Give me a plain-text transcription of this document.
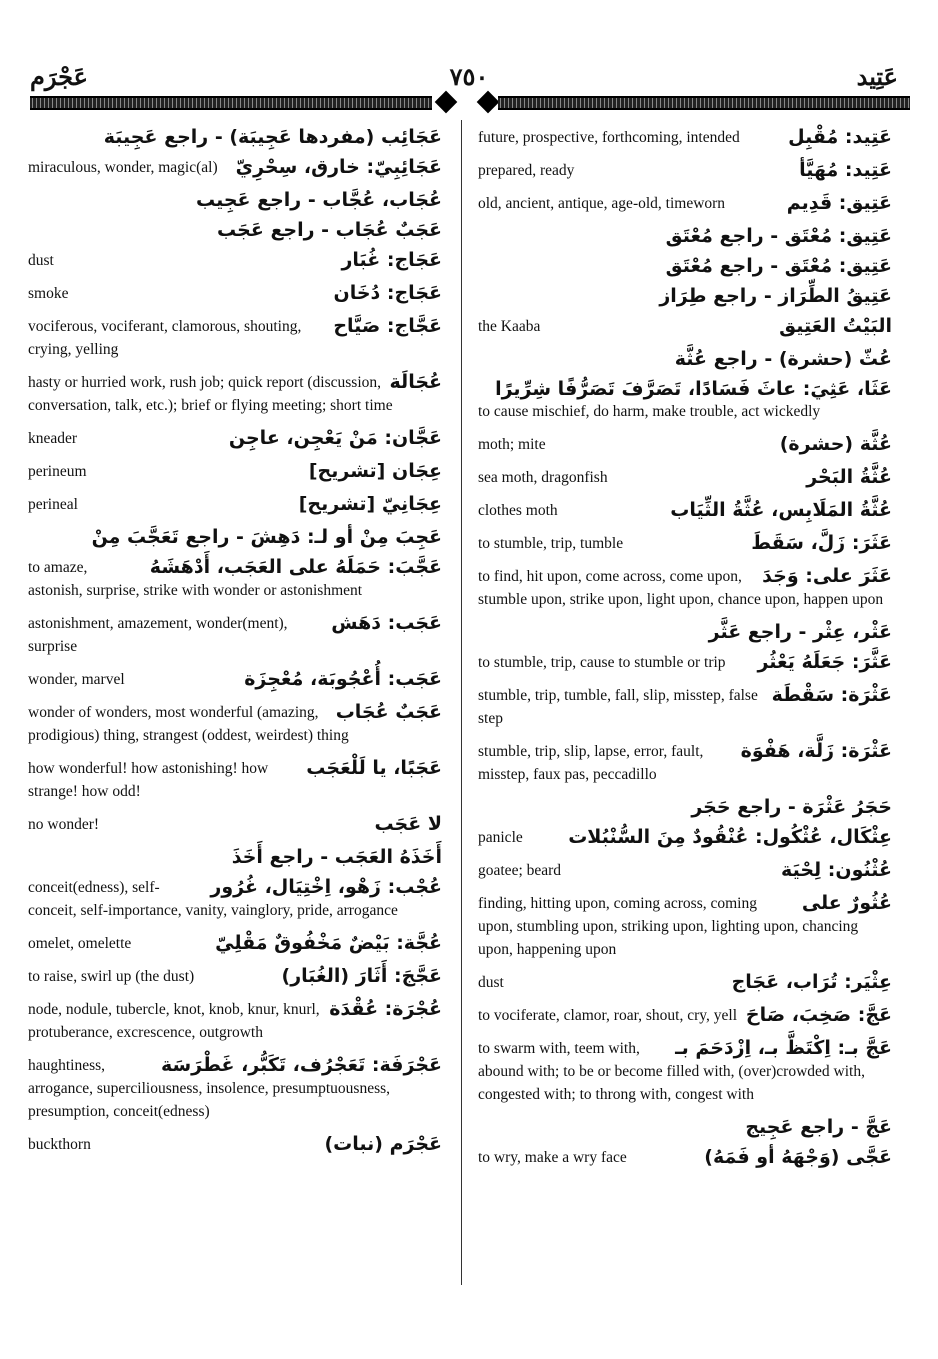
عَجْرَم	٧٥٠	عَتِيد
عَجَائِب (مفردها عَجِيبَة) - راجع عَجِيبَة
عَجَائِبِيّ: خارق، سِحْرِيّ
miraculous, wonder, magic(al)
عُجَاب، عُجَّاب - راجع عَجِيب
عَجَبٌ عُجَاب - راجع عَجَب
عَجَاج: غُبَار
dust
عَجَاج: دُخَان
smoke
عَجَّاج: صَيَّاح
vociferous, vociferant, clamorous, shouting, crying, yelling
عُجَالَة
hasty or hurried work, rush job; quick report (discussion, conversation, talk, etc.); brief or flying meeting; short time
عَجَّان: مَنْ يَعْجِن، عاجِن
kneader
عِجَان [تشريح]
perineum
عِجَانِيّ [تشريح]
perineal
عَجِبَ مِنْ أو لـ: دَهِشَ - راجع تَعَجَّبَ مِنْ
عَجَّبَ: حَمَلَهُ على العَجَب، أَدْهَشَهُ
to amaze, astonish, surprise, strike with wonder or astonishment
عَجَب: دَهَش
astonishment, amazement, wonder(ment), surprise
عَجَب: أُعْجُوبَة، مُعْجِزَة
wonder, marvel
عَجَبٌ عُجَاب
wonder of wonders, most wonderful (amazing, prodigious) thing, strangest (oddest, weirdest) thing
عَجَبًا، يا لَلْعَجَب
how wonderful! how astonishing! how strange! how odd!
لا عَجَب
no wonder!
أَخَذَهُ العَجَب - راجع أَخَذَ
عُجْب: زَهْو، اِخْتِيَال، غُرُور
conceit(edness), self-conceit, self-importance, vanity, vainglory, pride, arrogance
عُجَّة: بَيْضٌ مَخْفُوقٌ مَقْلِيّ
omelet, omelette
عَجَّجَ: أَثَارَ (الغُبَار)
to raise, swirl up (the dust)
عُجْرَة: عُقْدَة
node, nodule, tubercle, knot, knob, knur, knurl, protuberance, excrescence, outgrowth
عَجْرَفَة: تَعَجْرُف، تَكَبُّر، غَطْرَسَة
haughtiness, arrogance, superciliousness, insolence, presumptuousness, presumption, conceit(edness)
عَجْرَم (نبات)
buckthorn
عَتِيد: مُقْبِل
future, prospective, forthcoming, intended
عَتِيد: مُهَيَّأ
prepared, ready
عَتِيق: قَدِيم
old, ancient, antique, age-old, timeworn
عَتِيق: مُعْتَق - راجع مُعْتَق
عَتِيق: مُعْتَق - راجع مُعْتَق
عَتِيقُ الطِّرَاز - راجع طِرَاز
البَيْتُ العَتِيق
the Kaaba
عُثّ (حشرة) - راجع عُثَّة
عَثَا، عَثِيَ: عاثَ فَسَادًا، تَصَرَّفَ تَصَرُّفًا شِرِّيرًا
to cause mischief, do harm, make trouble, act wickedly
عُثَّة (حشرة)
moth; mite
عُثَّةُ البَحْر
sea moth, dragonfish
عُثَّةُ المَلَابِس، عُثَّةُ الثِّيَاب
clothes moth
عَثَرَ: زَلَّ، سَقَطَ
to stumble, trip, tumble
عَثَرَ على: وَجَدَ
to find, hit upon, come across, come upon, stumble upon, strike upon, light upon, chance upon, happen upon
عَثْر، عِثْر - راجع عَثَّر
عَثَّرَ: جَعَلَهُ يَعْثُر
to stumble, trip, cause to stumble or trip
عَثْرَة: سَقْطَة
stumble, trip, tumble, fall, slip, misstep, false step
عَثْرَة: زَلَّة، هَفْوَة
stumble, trip, slip, lapse, error, fault, misstep, faux pas, peccadillo
حَجَرُ عَثْرَة - راجع حَجَر
عِثْكَال، عُثْكُول: عُنْقُودٌ مِنَ السُّنْبُلات
panicle
عُثْنُون: لِحْيَة
goatee; beard
عُثُورٌ على
finding, hitting upon, coming across, coming upon, stumbling upon, striking upon, lighting upon, chancing upon, happening upon
عِثْيَر: تُرَاب، عَجَاج
dust
عَجَّ: صَخِبَ، صَاحَ
to vociferate, clamor, roar, shout, cry, yell
عَجَّ بـ: اِكْتَظَّ بـ، اِزْدَحَمَ بـ
to swarm with, teem with, abound with; to be or become filled with, (over)crowded with, congested with; to throng with, congest with
عَجَّ - راجع عَجِيج
عَجَّى (وَجْهَهُ أو فَمَهُ)
to wry, make a wry face
